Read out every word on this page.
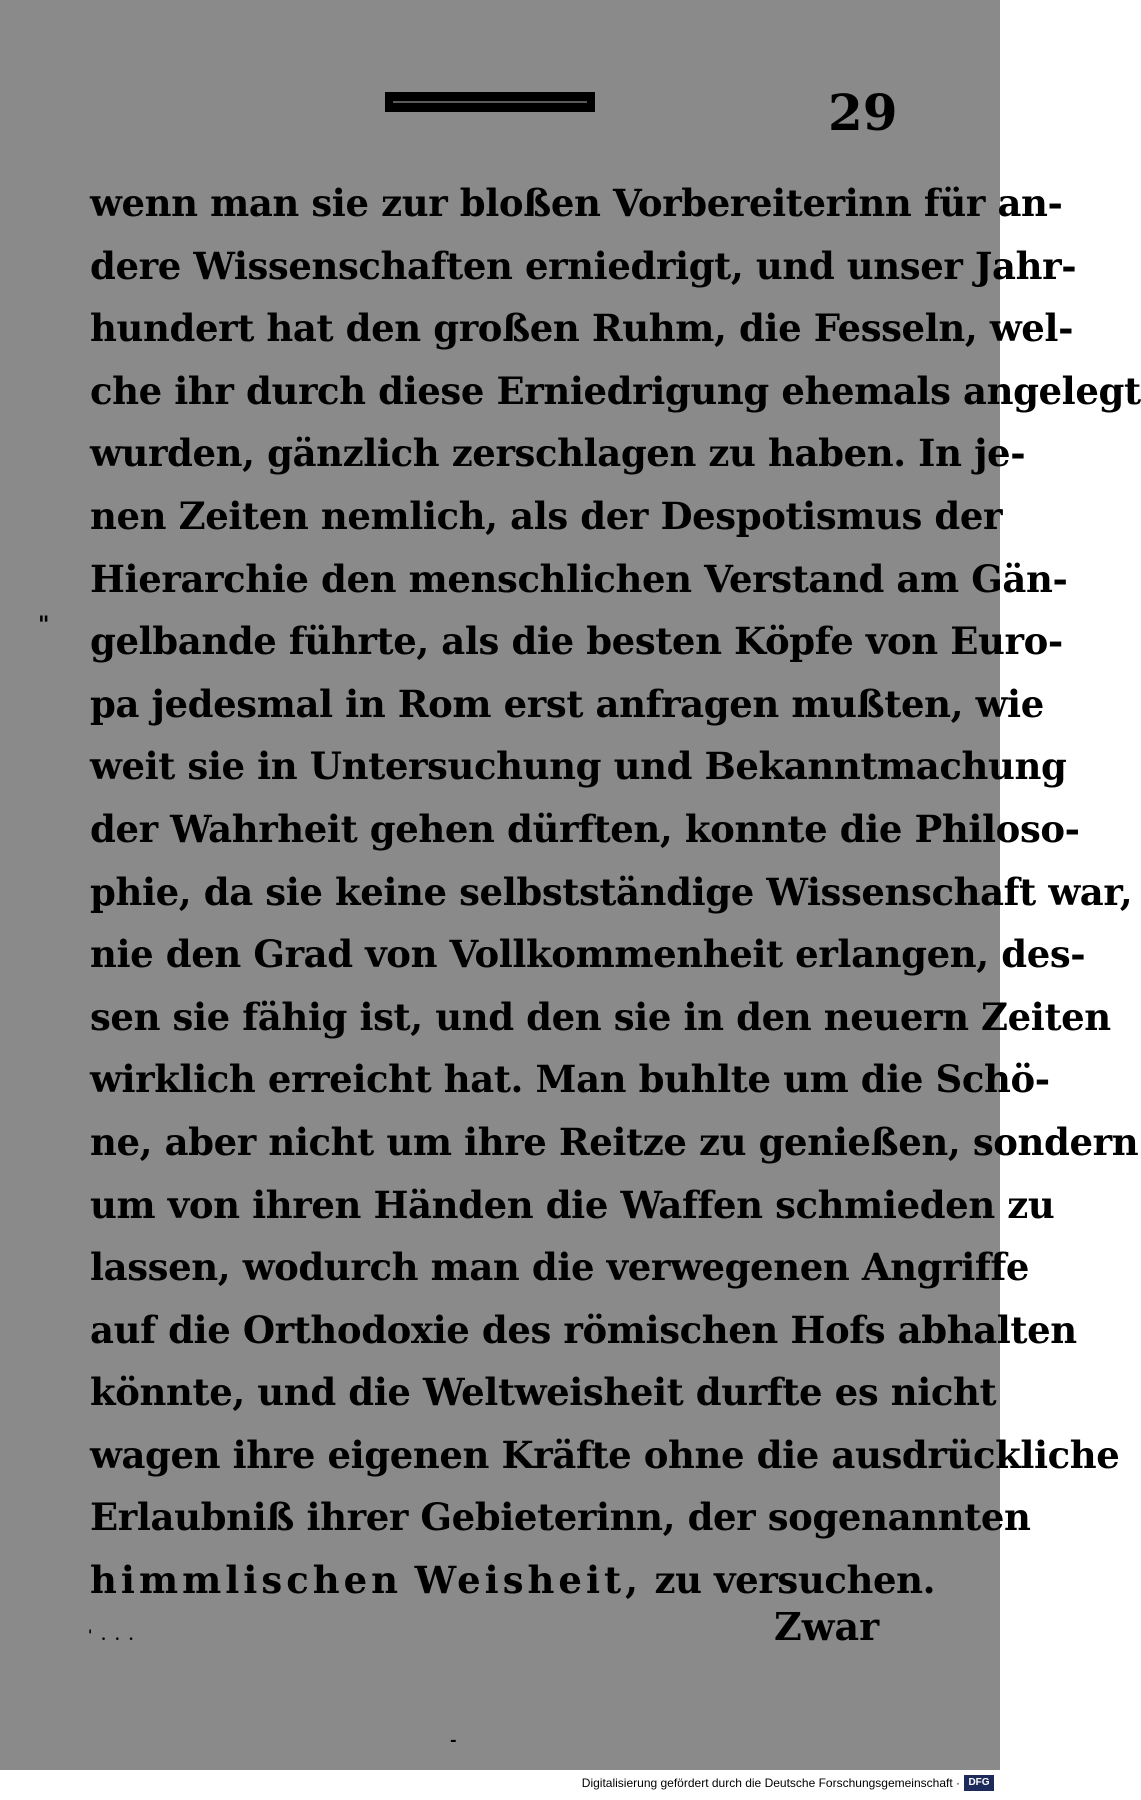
29
wenn man sie zur bloßen Vorbereiterinn für an-
dere Wissenschaften erniedrigt, und unser Jahr-
hundert hat den großen Ruhm, die Fesseln, wel-
che ihr durch diese Erniedrigung ehemals angelegt
wurden, gänzlich zerschlagen zu haben. In je-
nen Zeiten nemlich, als der Despotismus der
Hierarchie den menschlichen Verstand am Gän-
gelbande führte, als die besten Köpfe von Euro-
pa jedesmal in Rom erst anfragen mußten, wie
weit sie in Untersuchung und Bekanntmachung
der Wahrheit gehen dürften, konnte die Philoso-
phie, da sie keine selbstständige Wissenschaft war,
nie den Grad von Vollkommenheit erlangen, des-
sen sie fähig ist, und den sie in den neuern Zeiten
wirklich erreicht hat. Man buhlte um die Schö-
ne, aber nicht um ihre Reitze zu genießen, sondern
um von ihren Händen die Waffen schmieden zu
lassen, wodurch man die verwegenen Angriffe
auf die Orthodoxie des römischen Hofs abhalten
könnte, und die Weltweisheit durfte es nicht
wagen ihre eigenen Kräfte ohne die ausdrückliche
Erlaubniß ihrer Gebieterinn, der sogenannten
himmlischen Weisheit, zu versuchen.
Zwar
"
' . . .
-
Digitalisierung gefördert durch die Deutsche Forschungsgemeinschaft · DFG
